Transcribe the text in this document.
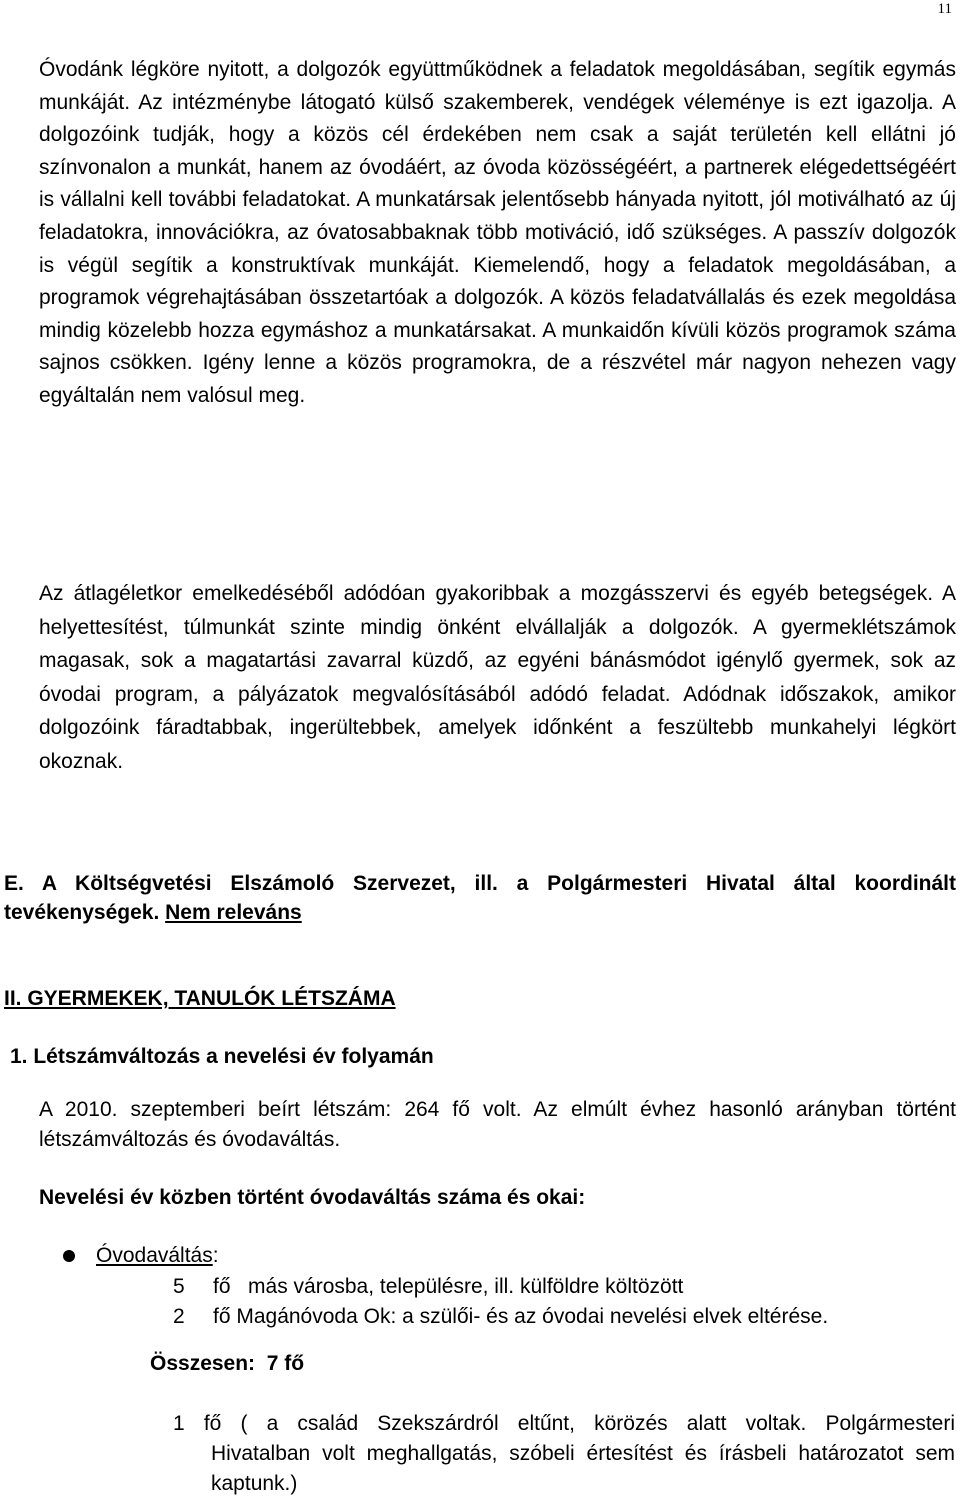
11

Óvodánk légköre nyitott, a dolgozók együttműködnek a feladatok megoldásában, segítik egymás munkáját. Az intézménybe látogató külső szakemberek, vendégek véleménye is ezt igazolja. A dolgozóink tudják, hogy a közös cél érdekében nem csak a saját területén kell ellátni jó színvonalon a munkát, hanem az óvodáért, az óvoda közösségéért, a partnerek elégedettségéért is vállalni kell további feladatokat. A munkatársak jelentősebb hányada nyitott, jól motiválható az új feladatokra, innovációkra, az óvatosabbaknak több motiváció, idő szükséges. A passzív dolgozók is végül segítik a konstruktívak munkáját. Kiemelendő, hogy a feladatok megoldásában, a programok végrehajtásában összetartóak a dolgozók. A közös feladatvállalás és ezek megoldása mindig közelebb hozza egymáshoz a munkatársakat. A munkaidőn kívüli közös programok száma sajnos csökken. Igény lenne a közös programokra, de a részvétel már nagyon nehezen vagy egyáltalán nem valósul meg.

Az átlagéletkor emelkedéséből adódóan gyakoribbak a mozgásszervi és egyéb betegségek. A helyettesítést, túlmunkát szinte mindig önként elvállalják a dolgozók. A gyermeklétszámok magasak, sok a magatartási zavarral küzdő, az egyéni bánásmódot igénylő gyermek, sok az óvodai program, a pályázatok megvalósításából adódó feladat. Adódnak időszakok, amikor dolgozóink fáradtabbak, ingerültebbek, amelyek időnként a feszültebb munkahelyi légkört okoznak.

E. A Költségvetési Elszámoló Szervezet, ill. a Polgármesteri Hivatal által koordinált tevékenységek. Nem releváns

II. GYERMEKEK, TANULÓK LÉTSZÁMA
1. Létszámváltozás a nevelési év folyamán

A 2010. szeptemberi beírt létszám: 264 fő volt. Az elmúlt évhez hasonló arányban történt létszámváltozás és óvodaváltás.

Nevelési év közben történt óvodaváltás száma és okai:
Óvodaváltás:
5 fő   más városba, településre, ill. külföldre költözött
2 fő Magánóvoda Ok: a szülői- és az óvodai nevelési elvek eltérése.
Összesen:  7 fő
1 fő ( a család Szekszárdról eltűnt, körözés alatt voltak. Polgármesteri
Hivatalban volt meghallgatás, szóbeli értesítést és írásbeli határozatot sem kaptunk.)
